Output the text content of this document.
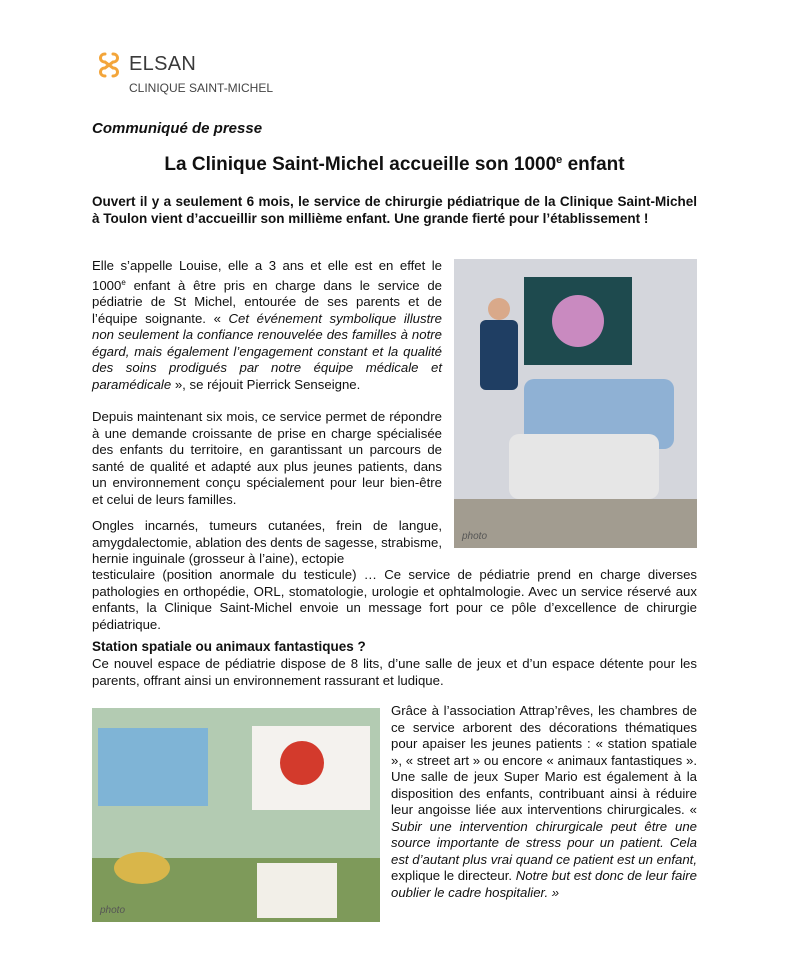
ELSAN
CLINIQUE SAINT-MICHEL
Communiqué de presse
La Clinique Saint-Michel accueille son 1000e enfant
Ouvert il y a seulement 6 mois, le service de chirurgie pédiatrique de la Clinique Saint-Michel à Toulon vient d’accueillir son millième enfant. Une grande fierté pour l’établissement !
Elle s’appelle Louise, elle a 3 ans et elle est en effet le 1000e enfant à être pris en charge dans le service de pédiatrie de St Michel, entourée de ses parents et de l’équipe soignante. « Cet événement symbolique illustre non seulement la confiance renouvelée des familles à notre égard, mais également l’engagement constant et la qualité des soins prodigués par notre équipe médicale et paramédicale », se réjouit Pierrick Senseigne.
photo
Depuis maintenant six mois, ce service permet de répondre à une demande croissante de prise en charge spécialisée des enfants du territoire, en garantissant un parcours de santé de qualité et adapté aux plus jeunes patients, dans un environnement conçu spécialement pour leur bien-être et celui de leurs familles.
Ongles incarnés, tumeurs cutanées, frein de langue, amygdalectomie, ablation des dents de sagesse, strabisme, hernie inguinale (grosseur à l’aine), ectopie
testiculaire (position anormale du testicule) … Ce service de pédiatrie prend en charge diverses pathologies en orthopédie, ORL, stomatologie, urologie et ophtalmologie. Avec un service réservé aux enfants, la Clinique Saint-Michel envoie un message fort pour ce pôle d’excellence de chirurgie pédiatrique.
Station spatiale ou animaux fantastiques ?
Ce nouvel espace de pédiatrie dispose de 8 lits, d’une salle de jeux et d’un espace détente pour les parents, offrant ainsi un environnement rassurant et ludique.
photo
Grâce à l’association Attrap’rêves, les chambres de ce service arborent des décorations thématiques pour apaiser les jeunes patients : « station spatiale », « street art » ou encore « animaux fantastiques ». Une salle de jeux Super Mario est également à la disposition des enfants, contribuant ainsi à réduire leur angoisse liée aux interventions chirurgicales. « Subir une intervention chirurgicale peut être une source importante de stress pour un patient. Cela est d’autant plus vrai quand ce patient est un enfant, explique le directeur. Notre but est donc de leur faire oublier le cadre hospitalier. »
